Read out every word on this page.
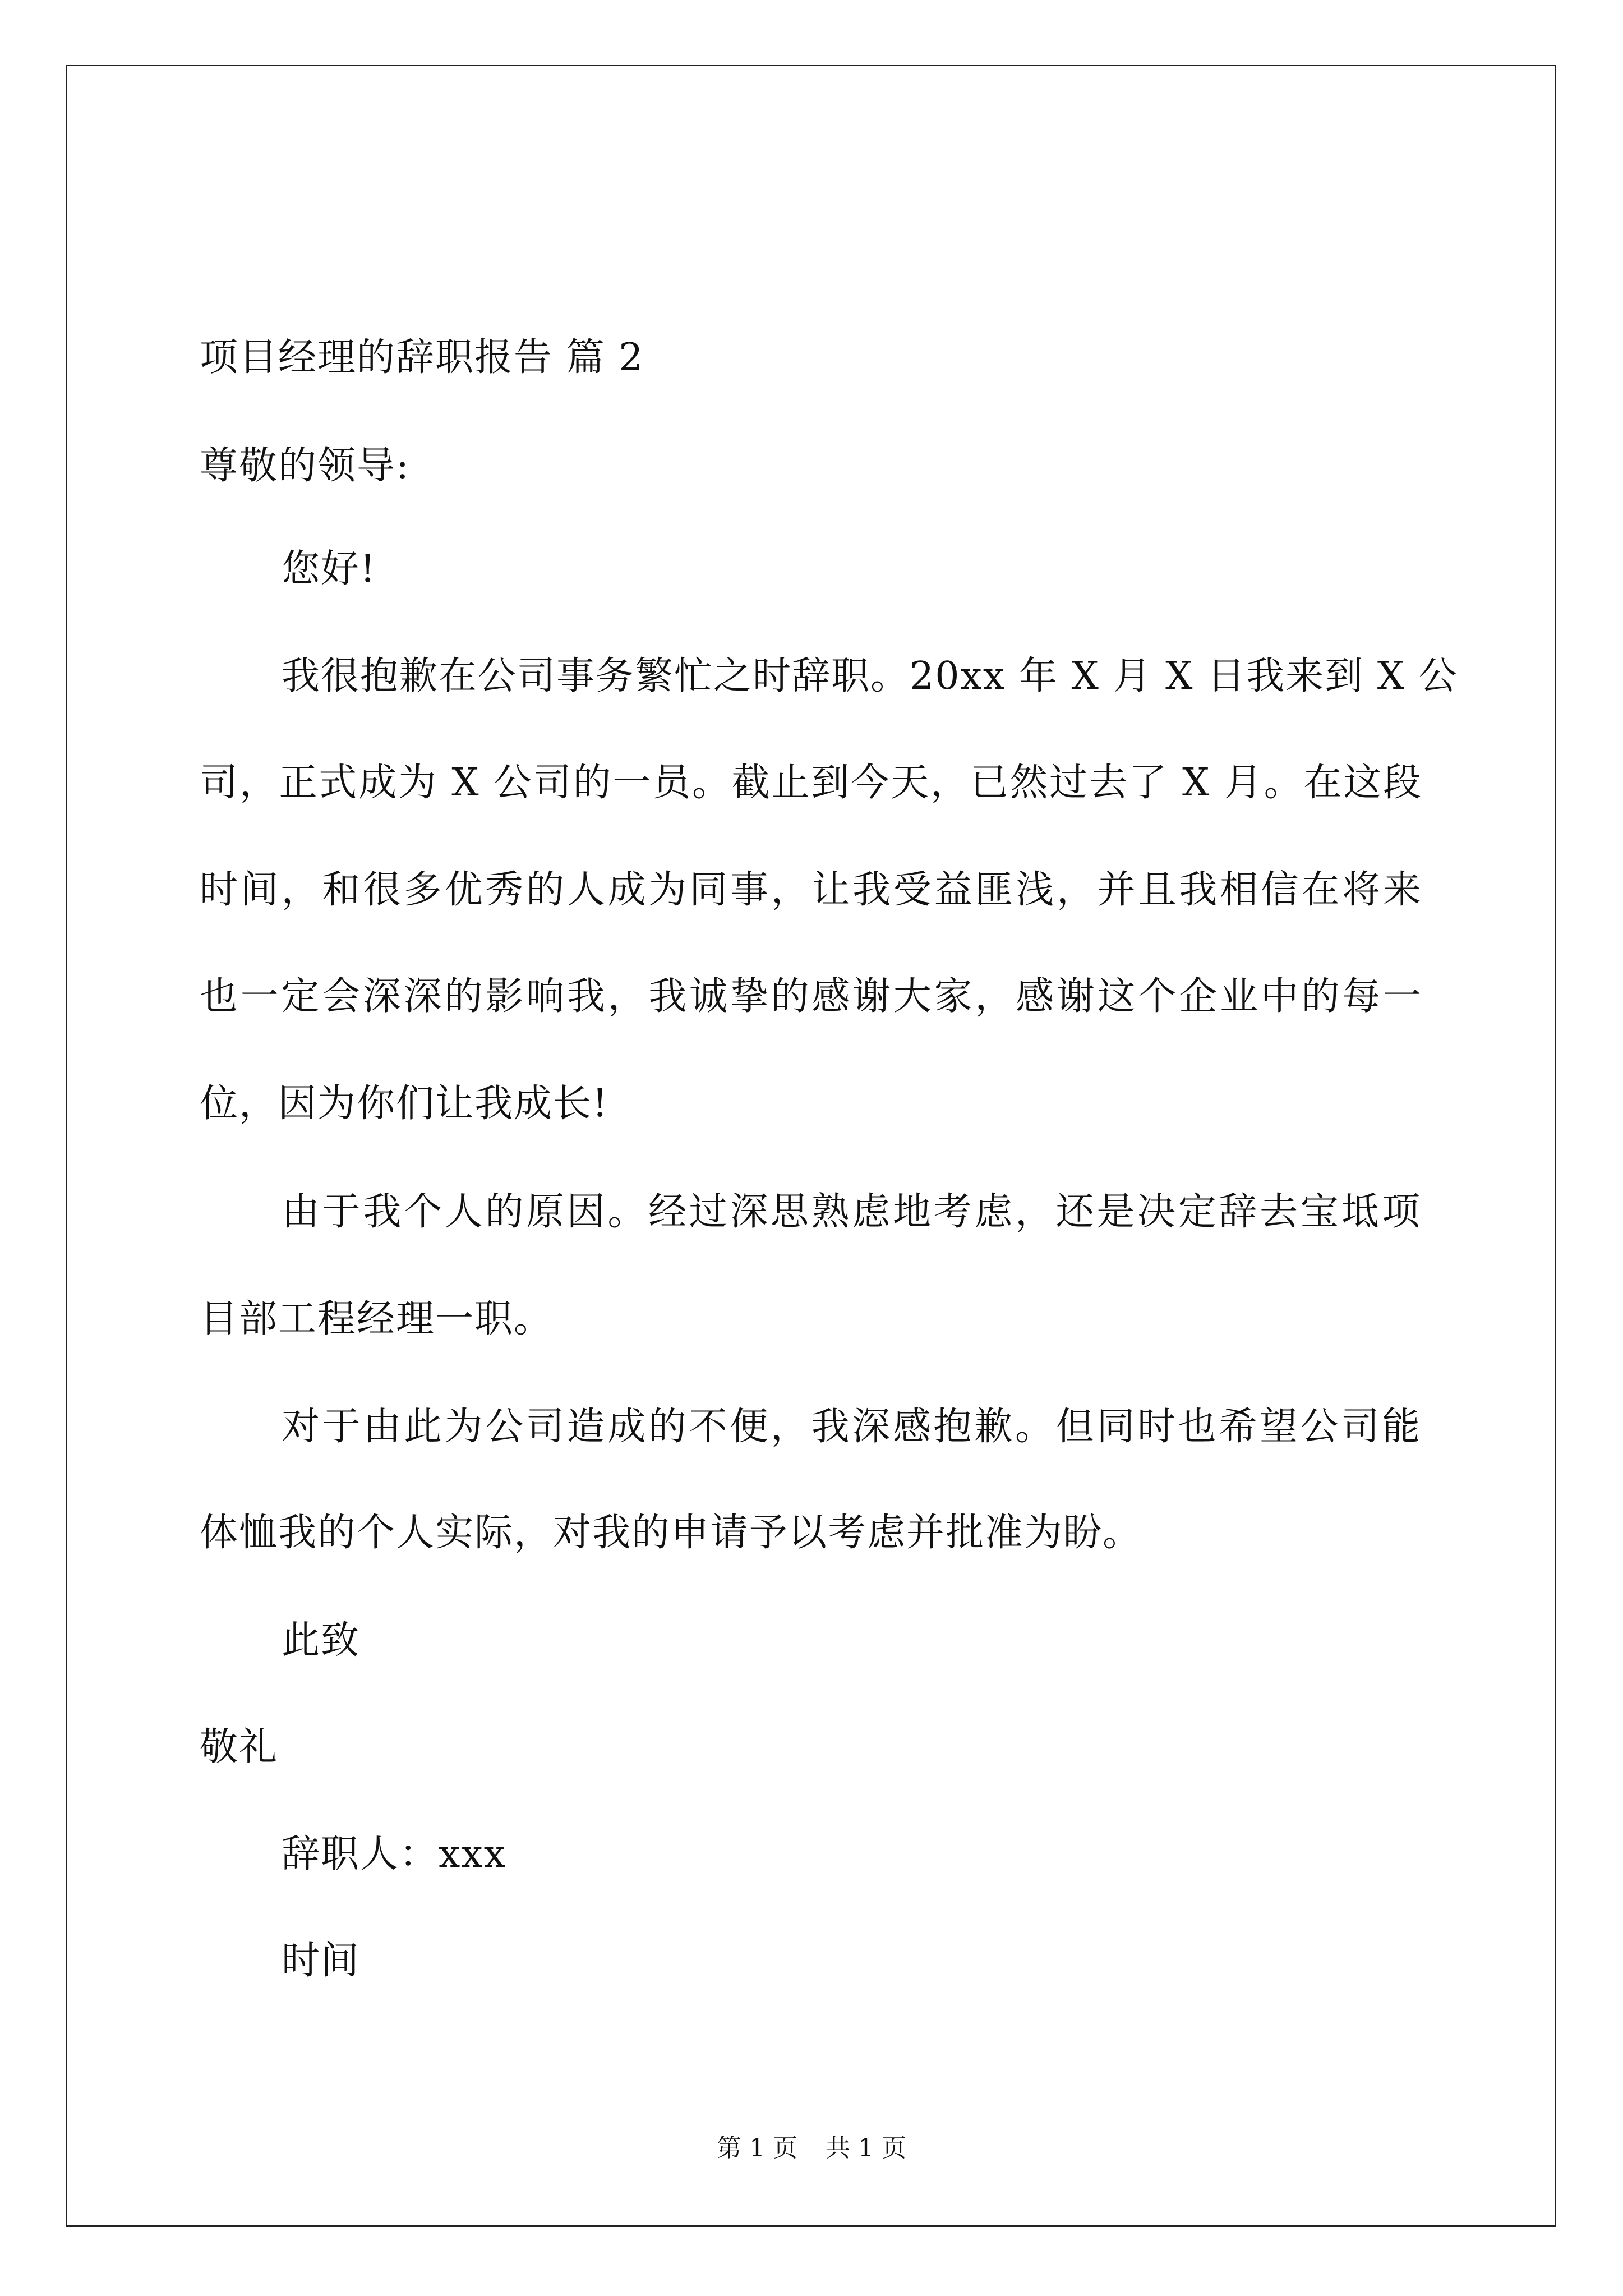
项目经理的辞职报告 篇 2
尊敬的领导:
您好!
我很抱歉在公司事务繁忙之时辞职。20xx 年 X 月 X 日我来到 X 公
司，正式成为 X 公司的一员。截止到今天，已然过去了 X 月。在这段
时间，和很多优秀的人成为同事，让我受益匪浅，并且我相信在将来
也一定会深深的影响我，我诚挚的感谢大家，感谢这个企业中的每一
位，因为你们让我成长!
由于我个人的原因。经过深思熟虑地考虑，还是决定辞去宝坻项
目部工程经理一职。
对于由此为公司造成的不便，我深感抱歉。但同时也希望公司能
体恤我的个人实际，对我的申请予以考虑并批准为盼。
此致
敬礼
辞职人：xxx
时间
第 1 页 共 1 页
